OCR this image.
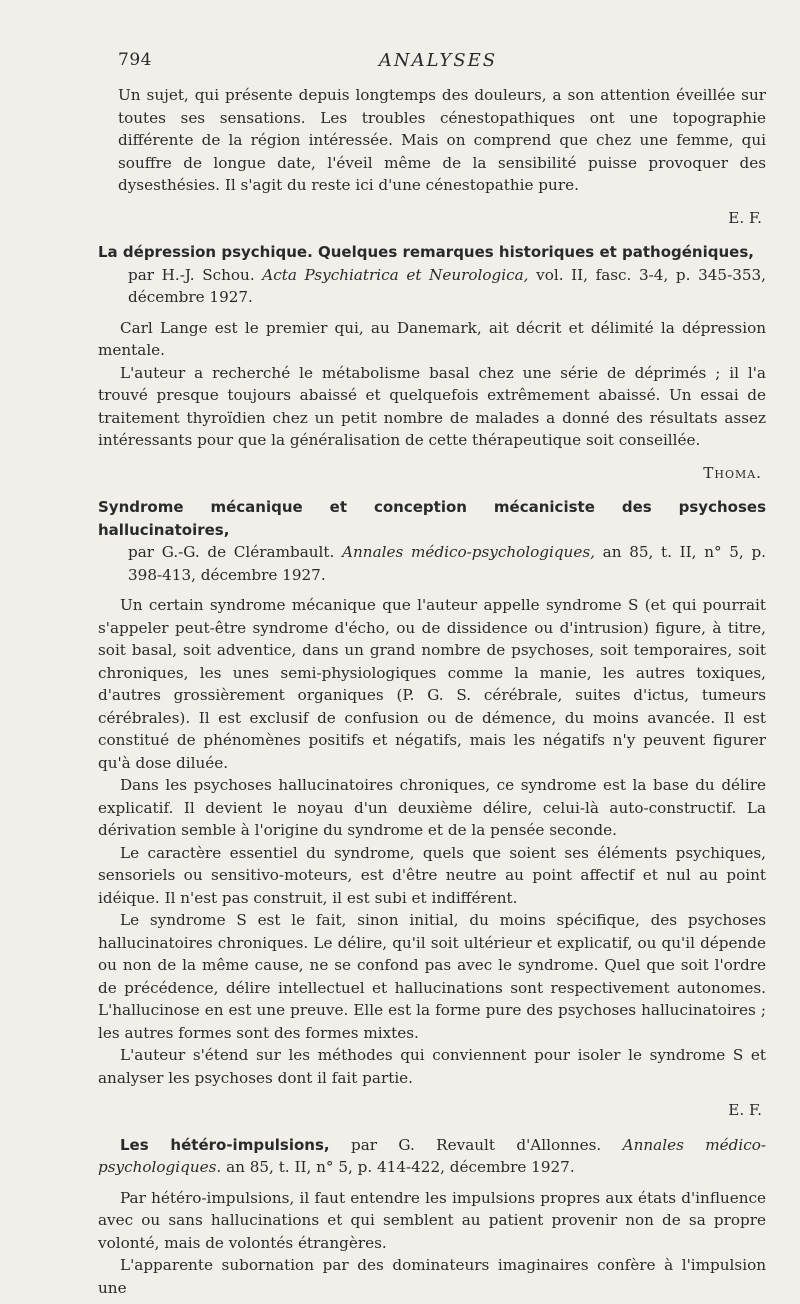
794	ANALYSES

Un sujet, qui présente depuis longtemps des douleurs, a son attention éveillée sur toutes ses sensations. Les troubles cénestopathiques ont une topographie différente de la région intéressée. Mais on comprend que chez une femme, qui souffre de longue date, l'éveil même de la sensibilité puisse provoquer des dysesthésies. Il s'agit du reste ici d'une cénestopathie pure.

E. F.

La dépression psychique. Quelques remarques historiques et pathogéniques,

par H.-J. Schou. Acta Psychiatrica et Neurologica, vol. II, fasc. 3-4, p. 345-353, décembre 1927.

Carl Lange est le premier qui, au Danemark, ait décrit et délimité la dépression mentale.

L'auteur a recherché le métabolisme basal chez une série de déprimés ; il l'a trouvé presque toujours abaissé et quelquefois extrêmement abaissé. Un essai de traitement thyroïdien chez un petit nombre de malades a donné des résultats assez intéressants pour que la généralisation de cette thérapeutique soit conseillée.

Thoma.

Syndrome mécanique et conception mécaniciste des psychoses hallucinatoires,

par G.-G. de Clérambault. Annales médico-psychologiques, an 85, t. II, n° 5, p. 398-413, décembre 1927.

Un certain syndrome mécanique que l'auteur appelle syndrome S (et qui pourrait s'appeler peut-être syndrome d'écho, ou de dissidence ou d'intrusion) figure, à titre, soit basal, soit adventice, dans un grand nombre de psychoses, soit temporaires, soit chroniques, les unes semi-physiologiques comme la manie, les autres toxiques, d'autres grossièrement organiques (P. G. S. cérébrale, suites d'ictus, tumeurs cérébrales). Il est exclusif de confusion ou de démence, du moins avancée. Il est constitué de phénomènes positifs et négatifs, mais les négatifs n'y peuvent figurer qu'à dose diluée.

Dans les psychoses hallucinatoires chroniques, ce syndrome est la base du délire explicatif. Il devient le noyau d'un deuxième délire, celui-là auto-constructif. La dérivation semble à l'origine du syndrome et de la pensée seconde.

Le caractère essentiel du syndrome, quels que soient ses éléments psychiques, sensoriels ou sensitivo-moteurs, est d'être neutre au point affectif et nul au point idéique. Il n'est pas construit, il est subi et indifférent.

Le syndrome S est le fait, sinon initial, du moins spécifique, des psychoses hallucinatoires chroniques. Le délire, qu'il soit ultérieur et explicatif, ou qu'il dépende ou non de la même cause, ne se confond pas avec le syndrome. Quel que soit l'ordre de précédence, délire intellectuel et hallucinations sont respectivement autonomes. L'hallucinose en est une preuve. Elle est la forme pure des psychoses hallucinatoires ; les autres formes sont des formes mixtes.

L'auteur s'étend sur les méthodes qui conviennent pour isoler le syndrome S et analyser les psychoses dont il fait partie.

E. F.

Les hétéro-impulsions, par G. Revault d'Allonnes. Annales médico-psychologiques. an 85, t. II, n° 5, p. 414-422, décembre 1927.

Par hétéro-impulsions, il faut entendre les impulsions propres aux états d'influence avec ou sans hallucinations et qui semblent au patient provenir non de sa propre volonté, mais de volontés étrangères.

L'apparente subornation par des dominateurs imaginaires confère à l'impulsion une
